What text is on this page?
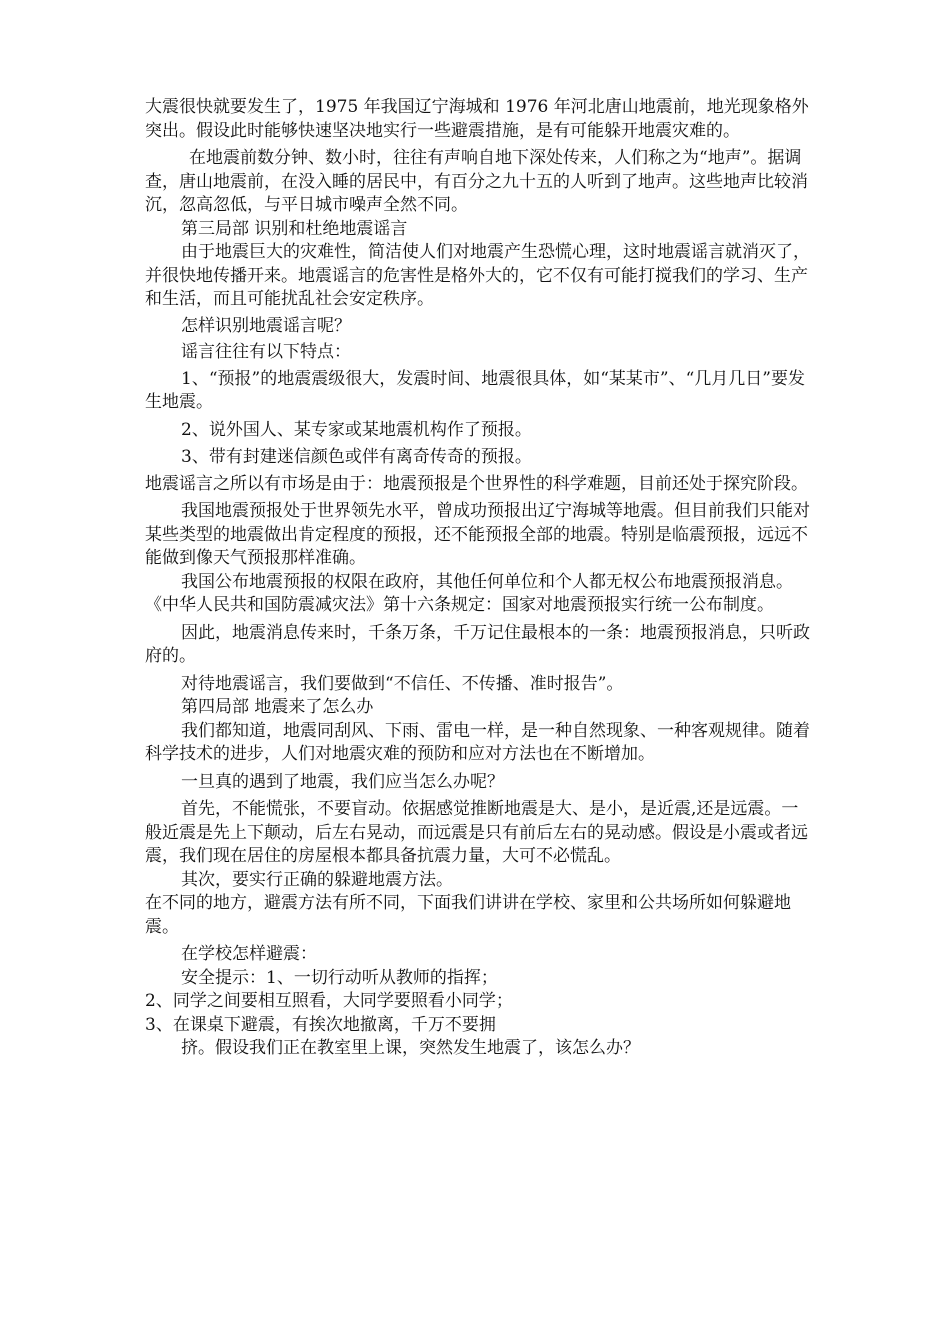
大震很快就要发生了，1975 年我国辽宁海城和 1976 年河北唐山地震前，地光现象格外突出。假设此时能够快速坚决地实行一些避震措施，是有可能躲开地震灾难的。

在地震前数分钟、数小时，往往有声响自地下深处传来，人们称之为“地声”。据调查，唐山地震前，在没入睡的居民中，有百分之九十五的人听到了地声。这些地声比较消沉，忽高忽低，与平日城市噪声全然不同。

第三局部 识别和杜绝地震谣言

由于地震巨大的灾难性，简洁使人们对地震产生恐慌心理，这时地震谣言就消灭了，并很快地传播开来。地震谣言的危害性是格外大的，它不仅有可能打搅我们的学习、生产和生活，而且可能扰乱社会安定秩序。

怎样识别地震谣言呢？

谣言往往有以下特点：

1、“预报”的地震震级很大，发震时间、地震很具体，如“某某市”、“几月几日”要发生地震。

2、说外国人、某专家或某地震机构作了预报。

3、带有封建迷信颜色或伴有离奇传奇的预报。

地震谣言之所以有市场是由于：地震预报是个世界性的科学难题，目前还处于探究阶段。

我国地震预报处于世界领先水平，曾成功预报出辽宁海城等地震。但目前我们只能对某些类型的地震做出肯定程度的预报，还不能预报全部的地震。特别是临震预报，远远不能做到像天气预报那样准确。

我国公布地震预报的权限在政府，其他任何单位和个人都无权公布地震预报消息。《中华人民共和国防震减灾法》第十六条规定：国家对地震预报实行统一公布制度。

因此，地震消息传来时，千条万条，千万记住最根本的一条：地震预报消息，只听政府的。

对待地震谣言，我们要做到“不信任、不传播、准时报告”。

第四局部 地震来了怎么办

我们都知道，地震同刮风、下雨、雷电一样，是一种自然现象、一种客观规律。随着科学技术的进步，人们对地震灾难的预防和应对方法也在不断增加。

一旦真的遇到了地震，我们应当怎么办呢？

首先，不能慌张，不要盲动。依据感觉推断地震是大、是小，是近震,还是远震。一般近震是先上下颠动，后左右晃动，而远震是只有前后左右的晃动感。假设是小震或者远震，我们现在居住的房屋根本都具备抗震力量，大可不必慌乱。

其次，要实行正确的躲避地震方法。

在不同的地方，避震方法有所不同，下面我们讲讲在学校、家里和公共场所如何躲避地震。

在学校怎样避震：

安全提示：1、一切行动听从教师的指挥；

2、同学之间要相互照看，大同学要照看小同学；

3、在课桌下避震，有挨次地撤离，千万不要拥

挤。假设我们正在教室里上课，突然发生地震了，该怎么办？
